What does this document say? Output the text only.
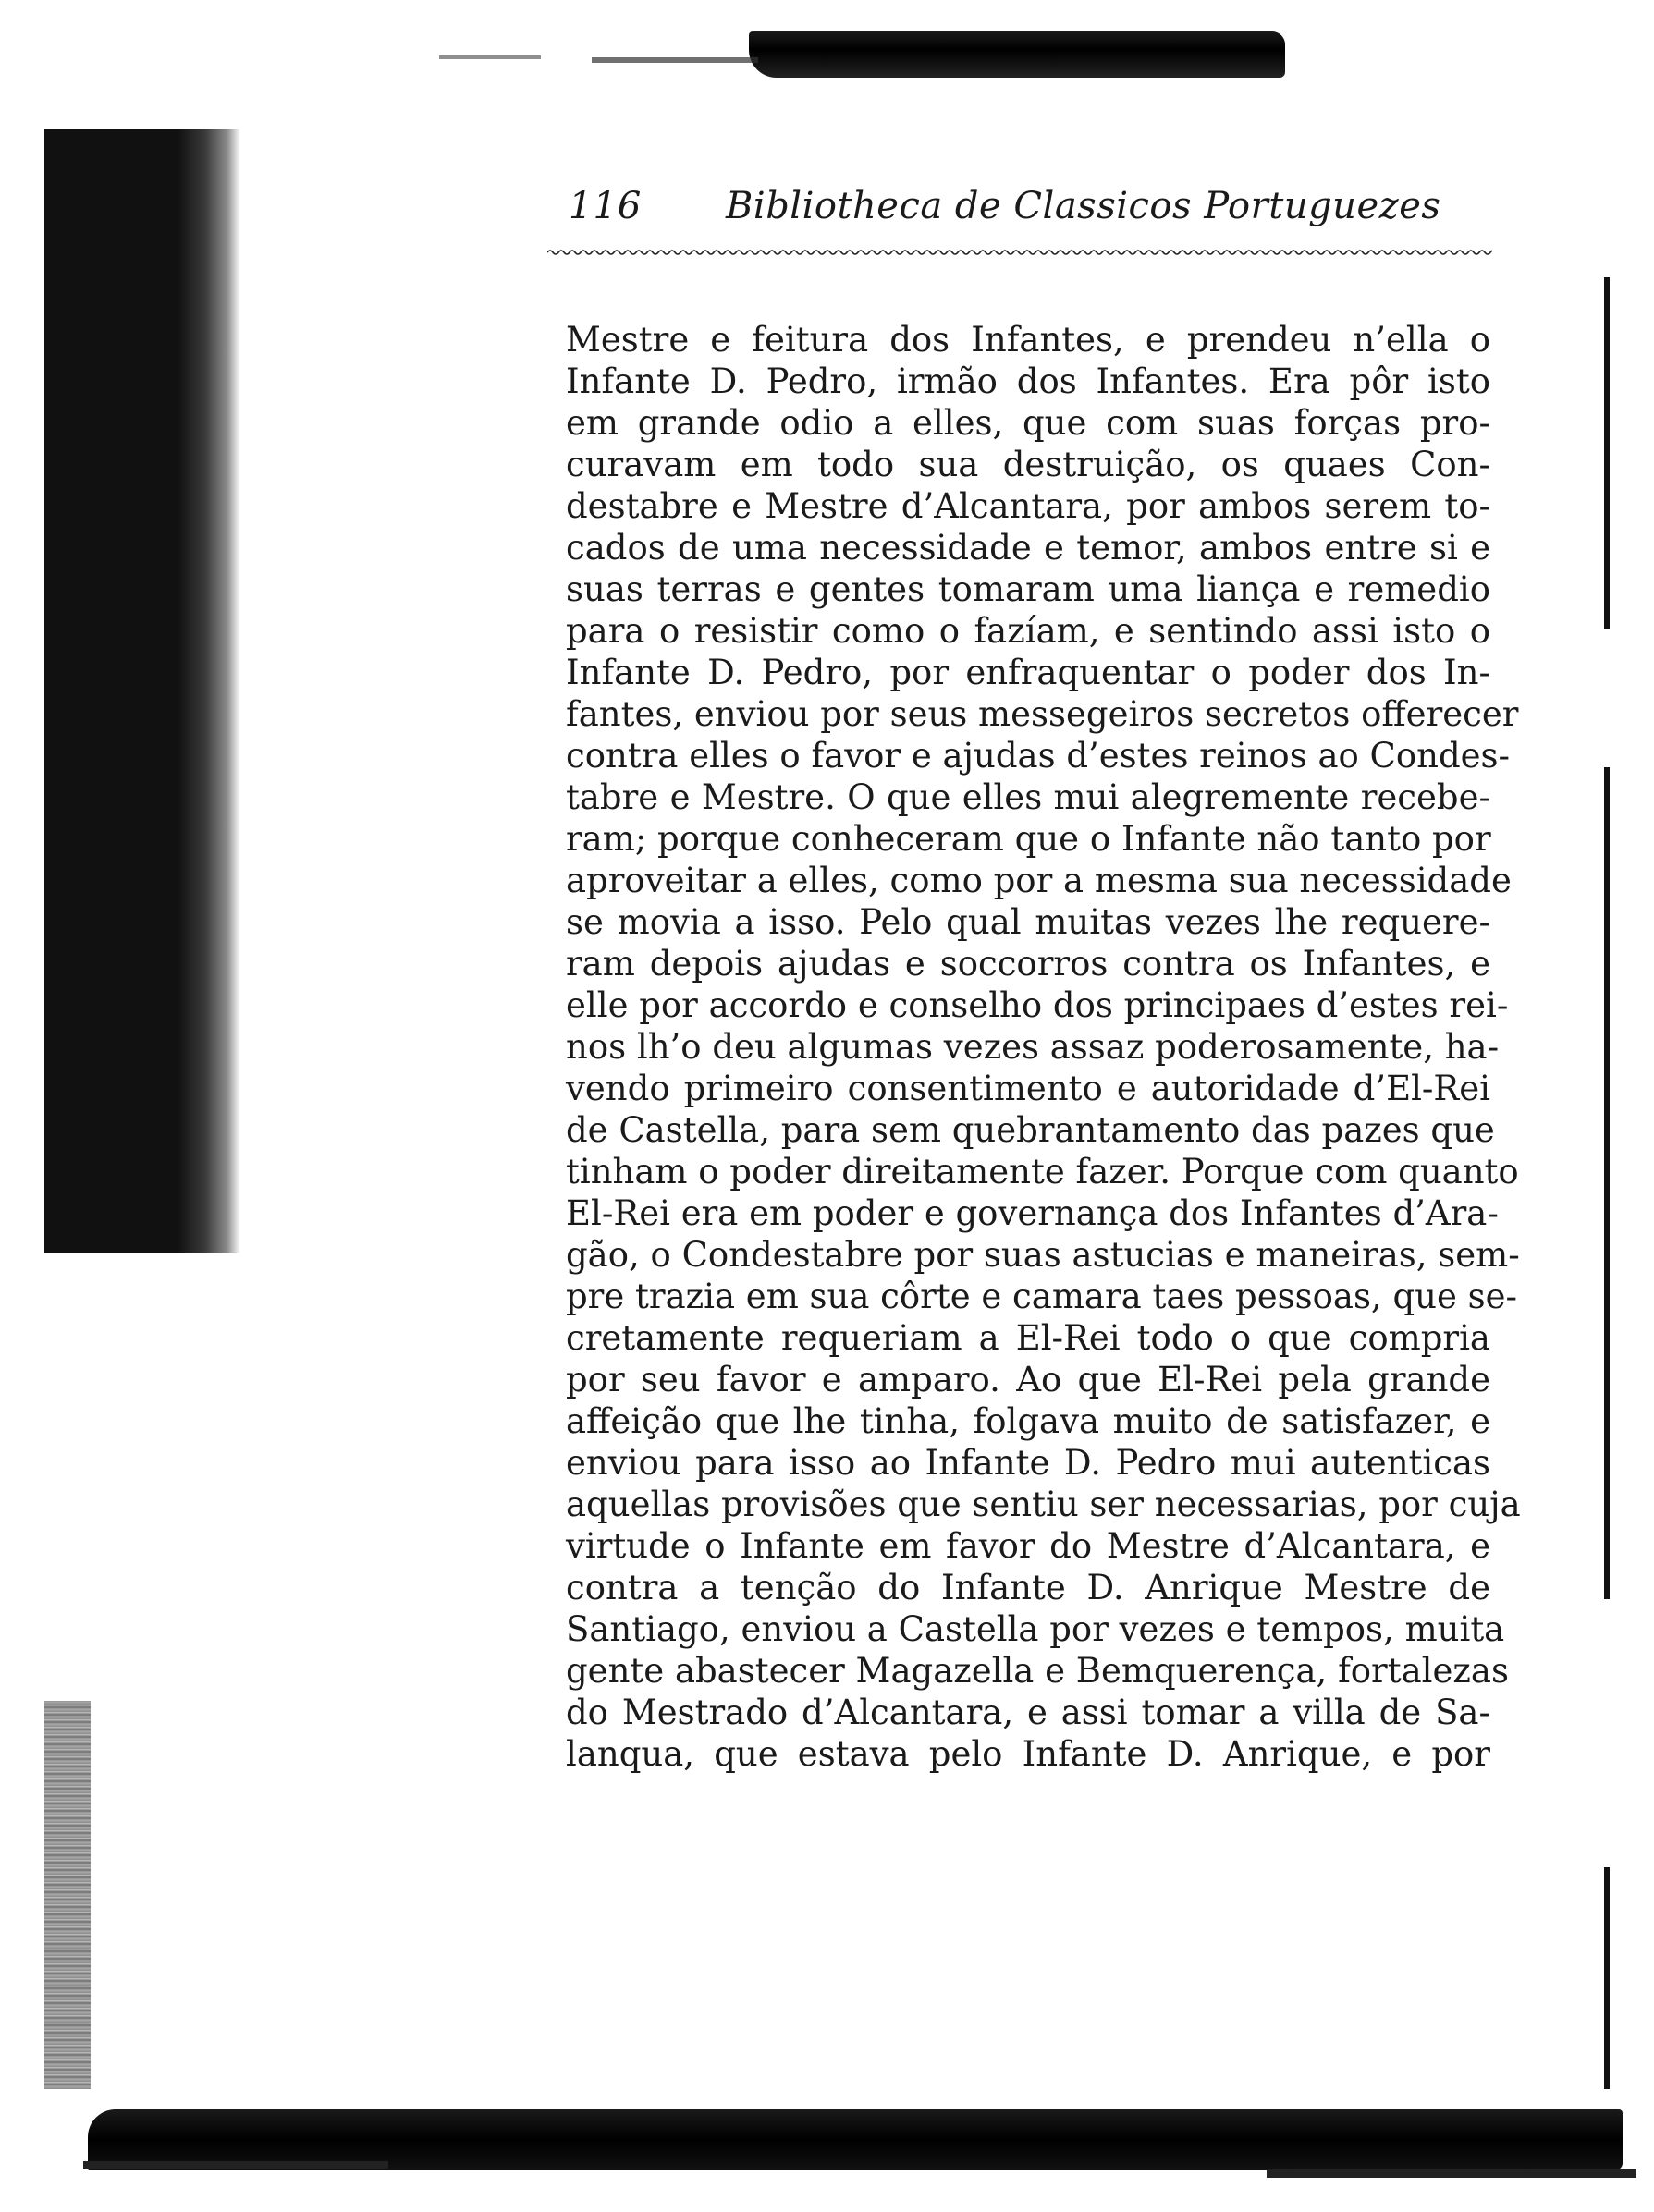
116 Bibliotheca de Classicos Portuguezes
Mestre e feitura dos Infantes, e prendeu n’ella o
Infante D. Pedro, irmão dos Infantes. Era pôr isto
em grande odio a elles, que com suas forças pro-
curavam em todo sua destruição, os quaes Con-
destabre e Mestre d’Alcantara, por ambos serem to-
cados de uma necessidade e temor, ambos entre si e
suas terras e gentes tomaram uma liança e remedio
para o resistir como o fazíam, e sentindo assi isto o
Infante D. Pedro, por enfraquentar o poder dos In-
fantes, enviou por seus messegeiros secretos offerecer
contra elles o favor e ajudas d’estes reinos ao Condes-
tabre e Mestre. O que elles mui alegremente recebe-
ram; porque conheceram que o Infante não tanto por
aproveitar a elles, como por a mesma sua necessidade
se movia a isso. Pelo qual muitas vezes lhe requere-
ram depois ajudas e soccorros contra os Infantes, e
elle por accordo e conselho dos principaes d’estes rei-
nos lh’o deu algumas vezes assaz poderosamente, ha-
vendo primeiro consentimento e autoridade d’El-Rei
de Castella, para sem quebrantamento das pazes que
tinham o poder direitamente fazer. Porque com quanto
El-Rei era em poder e governança dos Infantes d’Ara-
gão, o Condestabre por suas astucias e maneiras, sem-
pre trazia em sua côrte e camara taes pessoas, que se-
cretamente requeriam a El-Rei todo o que compria
por seu favor e amparo. Ao que El-Rei pela grande
affeição que lhe tinha, folgava muito de satisfazer, e
enviou para isso ao Infante D. Pedro mui autenticas
aquellas provisões que sentiu ser necessarias, por cuja
virtude o Infante em favor do Mestre d’Alcantara, e
contra a tenção do Infante D. Anrique Mestre de
Santiago, enviou a Castella por vezes e tempos, muita
gente abastecer Magazella e Bemquerença, fortalezas
do Mestrado d’Alcantara, e assi tomar a villa de Sa-
lanqua, que estava pelo Infante D. Anrique, e por
